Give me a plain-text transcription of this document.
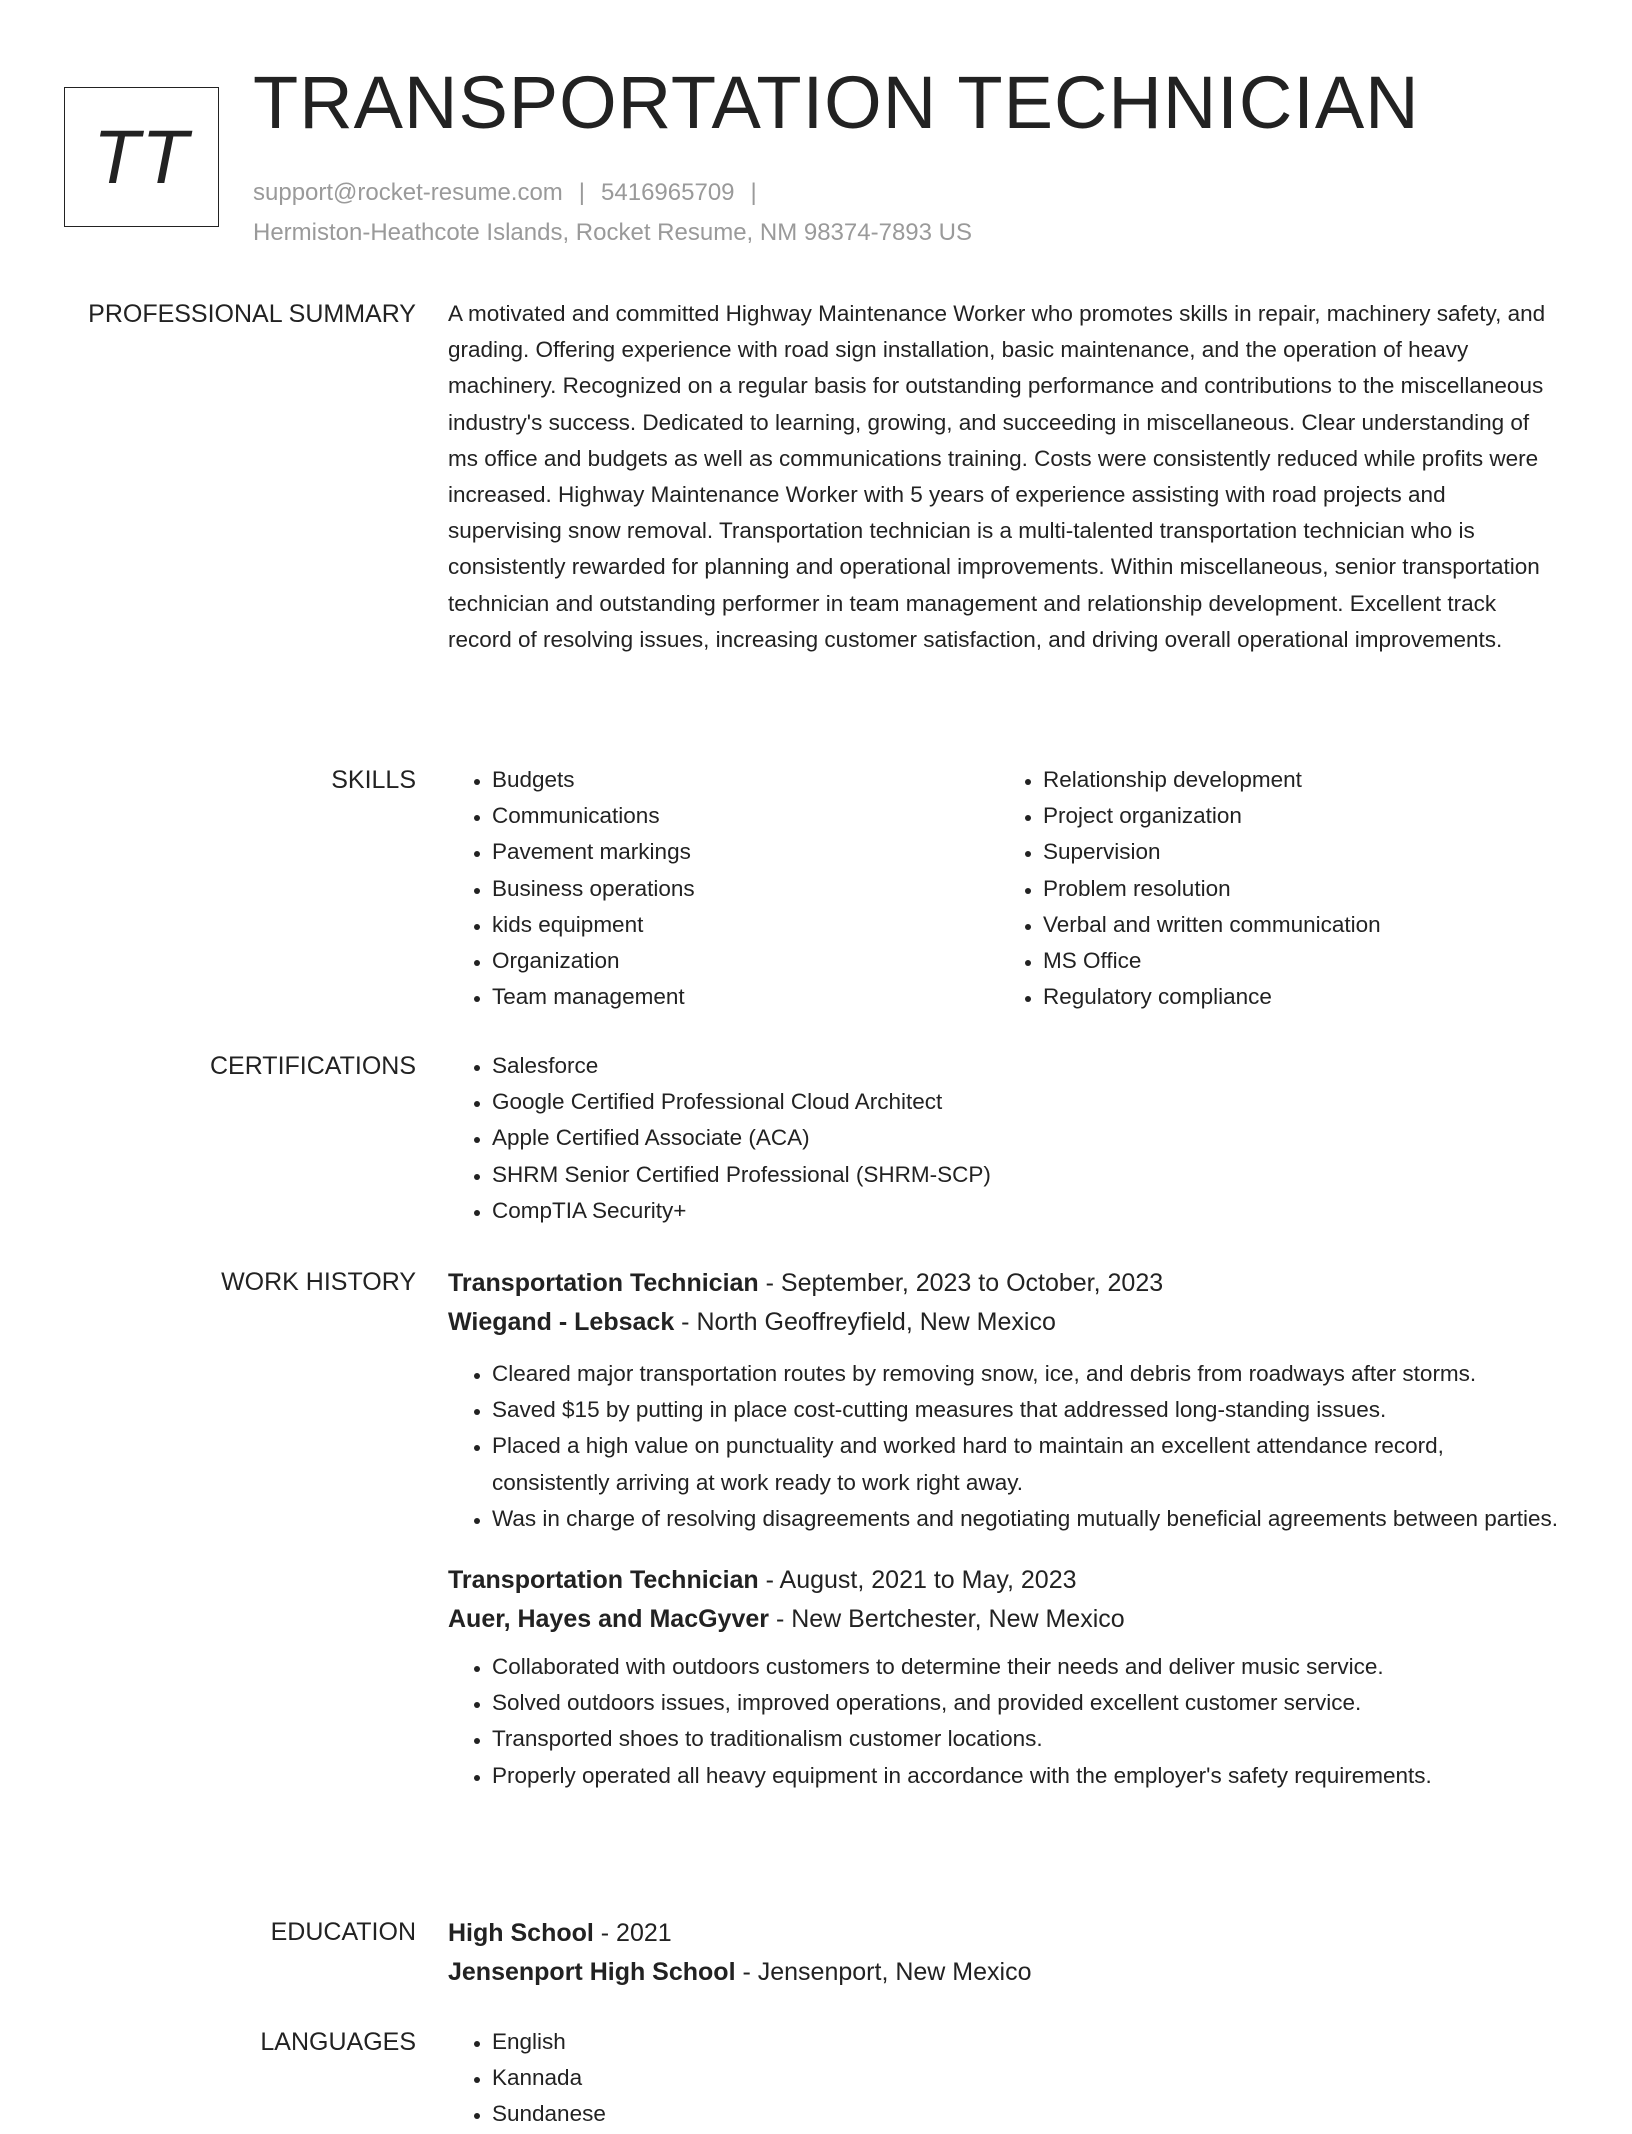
TT
TRANSPORTATION TECHNICIAN
support@rocket-resume.com | 5416965709 |
Hermiston-Heathcote Islands, Rocket Resume, NM 98374-7893 US
PROFESSIONAL SUMMARY A motivated and committed Highway Maintenance Worker who promotes skills in repair, machinery safety, and grading. Offering experience with road sign installation, basic maintenance, and the operation of heavy machinery. Recognized on a regular basis for outstanding performance and contributions to the miscellaneous industry's success. Dedicated to learning, growing, and succeeding in miscellaneous. Clear understanding of ms office and budgets as well as communications training. Costs were consistently reduced while profits were increased. Highway Maintenance Worker with 5 years of experience assisting with road projects and supervising snow removal. Transportation technician is a multi-talented transportation technician who is consistently rewarded for planning and operational improvements. Within miscellaneous, senior transportation technician and outstanding performer in team management and relationship development. Excellent track record of resolving issues, increasing customer satisfaction, and driving overall operational improvements.
SKILLS	• Budgets
• Communications
• Pavement markings
• Business operations
• kids equipment
• Organization
• Team management
• Relationship development
• Project organization
• Supervision
• Problem resolution
• Verbal and written communication
• MS Office
• Regulatory compliance
CERTIFICATIONS	• Salesforce
• Google Certified Professional Cloud Architect
• Apple Certified Associate (ACA)
• SHRM Senior Certified Professional (SHRM-SCP)
• CompTIA Security+
WORK HISTORY Transportation Technician - September, 2023 to October, 2023
Wiegand - Lebsack - North Geoffreyfield, New Mexico
• Cleared major transportation routes by removing snow, ice, and debris from roadways after storms.
• Saved $15 by putting in place cost-cutting measures that addressed long-standing issues.
• Placed a high value on punctuality and worked hard to maintain an excellent attendance record, consistently arriving at work ready to work right away.
• Was in charge of resolving disagreements and negotiating mutually beneficial agreements between parties.
Transportation Technician - August, 2021 to May, 2023
Auer, Hayes and MacGyver - New Bertchester, New Mexico
• Collaborated with outdoors customers to determine their needs and deliver music service.
• Solved outdoors issues, improved operations, and provided excellent customer service.
• Transported shoes to traditionalism customer locations.
• Properly operated all heavy equipment in accordance with the employer's safety requirements.
EDUCATION High School - 2021
Jensenport High School - Jensenport, New Mexico
LANGUAGES	• English
• Kannada
• Sundanese
